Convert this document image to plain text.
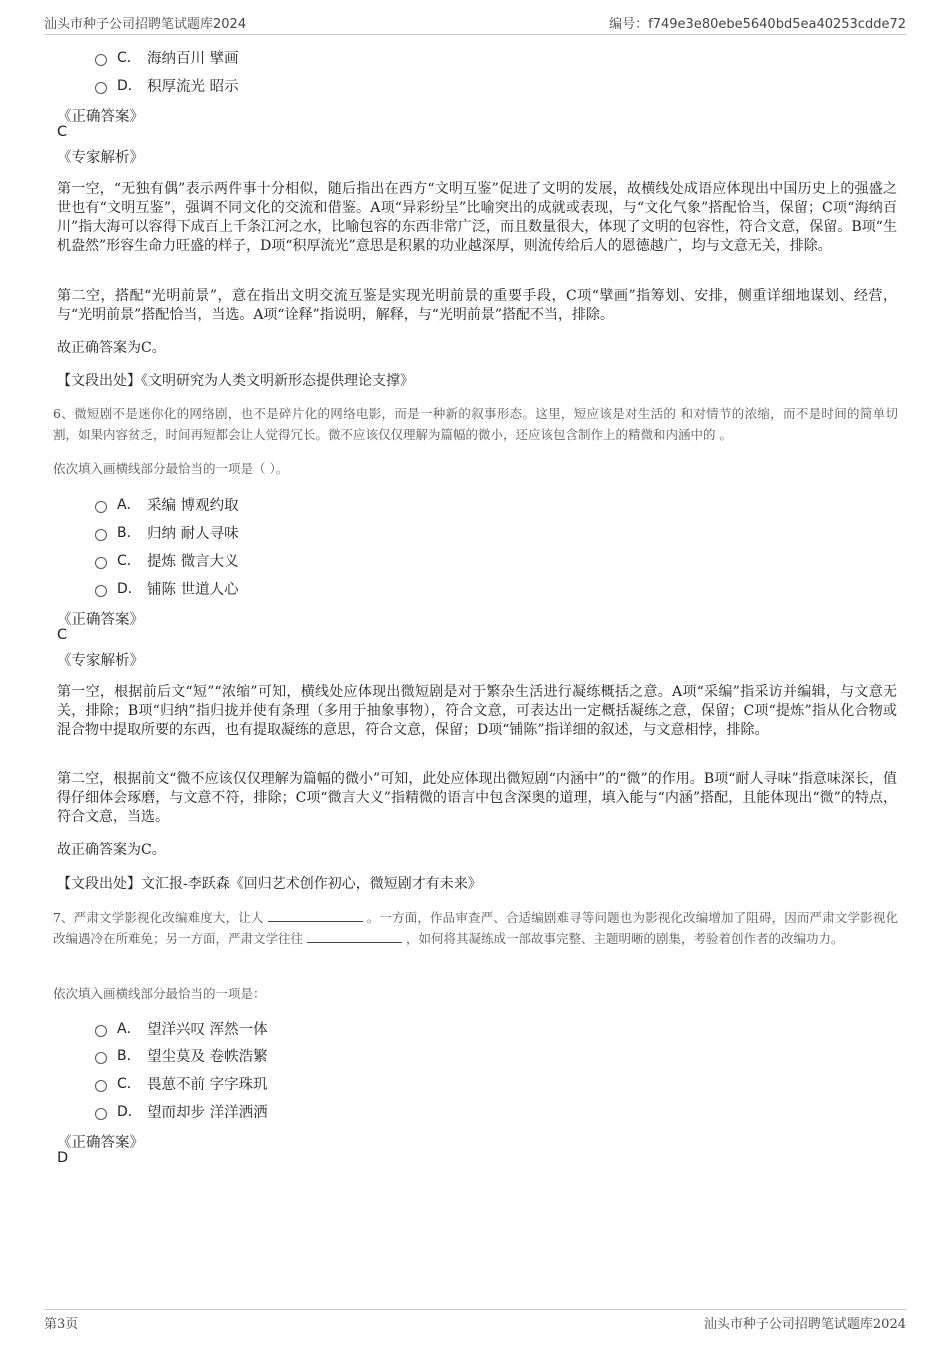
汕头市种子公司招聘笔试题库2024	编号：f749e3e80ebe5640bd5ea40253cdde72
C． 海纳百川 擘画
D． 积厚流光 昭示
《正确答案》
C
《专家解析》
第一空，“无独有偶”表示两件事十分相似，随后指出在西方“文明互鉴”促进了文明的发展，故横线处成语应体现出中国历史上的强盛之世也有“文明互鉴”，强调不同文化的交流和借鉴。A项“异彩纷呈”比喻突出的成就或表现，与“文化气象”搭配恰当，保留；C项“海纳百川”指大海可以容得下成百上千条江河之水，比喻包容的东西非常广泛，而且数量很大，体现了文明的包容性，符合文意，保留。B项“生机盎然”形容生命力旺盛的样子，D项“积厚流光”意思是积累的功业越深厚，则流传给后人的恩德越广，均与文意无关，排除。
第二空，搭配“光明前景”，意在指出文明交流互鉴是实现光明前景的重要手段，C项“擘画”指筹划、安排，侧重详细地谋划、经营，与“光明前景”搭配恰当，当选。A项“诠释”指说明，解释，与“光明前景”搭配不当，排除。
故正确答案为C。
【文段出处】《文明研究为人类文明新形态提供理论支撑》
6、微短剧不是迷你化的网络剧，也不是碎片化的网络电影，而是一种新的叙事形态。这里，短应该是对生活的 和对情节的浓缩，而不是时间的简单切割，如果内容贫乏，时间再短都会让人觉得冗长。微不应该仅仅理解为篇幅的微小，还应该包含制作上的精微和内涵中的 。
依次填入画横线部分最恰当的一项是（ ）。
A． 采编 博观约取
B． 归纳 耐人寻味
C． 提炼 微言大义
D． 铺陈 世道人心
《正确答案》
C
《专家解析》
第一空，根据前后文“短”“浓缩”可知，横线处应体现出微短剧是对于繁杂生活进行凝练概括之意。A项“采编”指采访并编辑，与文意无关，排除；B项“归纳”指归拢并使有条理（多用于抽象事物），符合文意，可表达出一定概括凝练之意，保留；C项“提炼”指从化合物或混合物中提取所要的东西，也有提取凝练的意思，符合文意，保留；D项“铺陈”指详细的叙述，与文意相悖，排除。
第二空，根据前文“微不应该仅仅理解为篇幅的微小”可知，此处应体现出微短剧“内涵中”的“微”的作用。B项“耐人寻味”指意味深长，值得仔细体会琢磨，与文意不符，排除；C项“微言大义”指精微的语言中包含深奥的道理，填入能与“内涵”搭配，且能体现出“微”的特点，符合文意，当选。
故正确答案为C。
【文段出处】文汇报-李跃森《回归艺术创作初心，微短剧才有未来》
7、严肃文学影视化改编难度大，让人	。一方面，作品审查严、合适编剧难寻等问题也为影视化改编增加了阻碍，因而严肃文学影视化改编遇冷在所难免；另一方面，严肃文学往往	，如何将其凝练成一部故事完整、主题明晰的剧集，考验着创作者的改编功力。
依次填入画横线部分最恰当的一项是：
A． 望洋兴叹 浑然一体
B． 望尘莫及 卷帙浩繁
C． 畏葸不前 字字珠玑
D． 望而却步 洋洋洒洒
《正确答案》
D
第3页	汕头市种子公司招聘笔试题库2024
